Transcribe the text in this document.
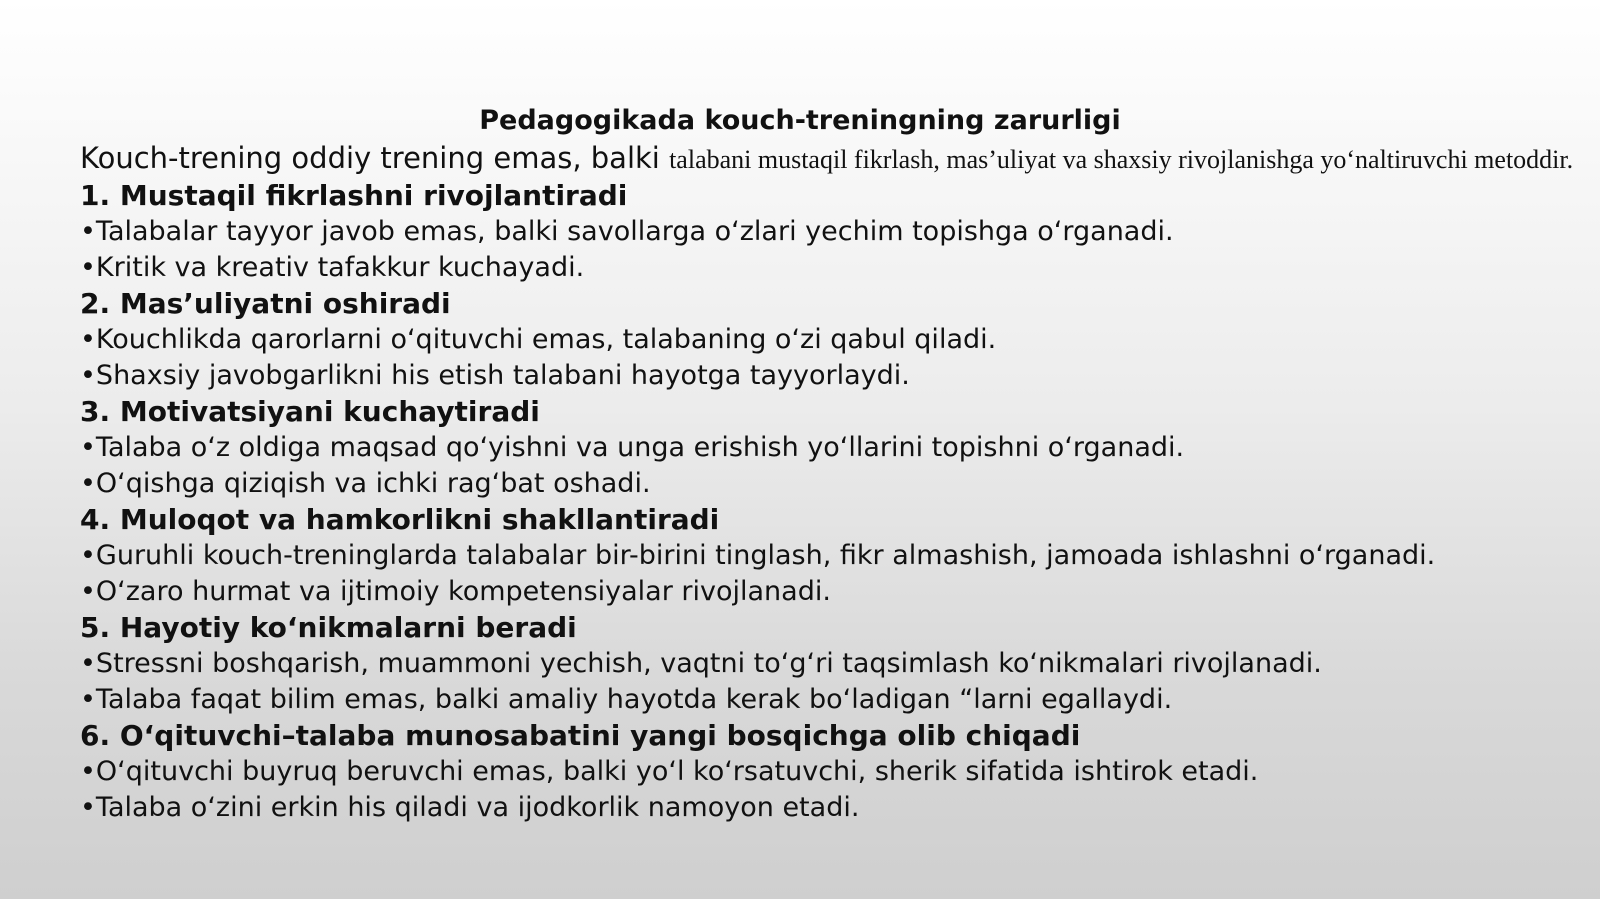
Pedagogikada kouch-treningning zarurligi

Kouch-trening oddiy trening emas, balki talabani mustaqil fikrlash, mas’uliyat va shaxsiy rivojlanishga yo‘naltiruvchi metoddir.

1. Mustaqil fikrlashni rivojlantiradi

•Talabalar tayyor javob emas, balki savollarga o‘zlari yechim topishga o‘rganadi.

•Kritik va kreativ tafakkur kuchayadi.

2. Mas’uliyatni oshiradi

•Kouchlikda qarorlarni o‘qituvchi emas, talabaning o‘zi qabul qiladi.

•Shaxsiy javobgarlikni his etish talabani hayotga tayyorlaydi.

3. Motivatsiyani kuchaytiradi

•Talaba o‘z oldiga maqsad qo‘yishni va unga erishish yo‘llarini topishni o‘rganadi.

•O‘qishga qiziqish va ichki rag‘bat oshadi.

4. Muloqot va hamkorlikni shakllantiradi

•Guruhli kouch-treninglarda talabalar bir-birini tinglash, fikr almashish, jamoada ishlashni o‘rganadi.

•O‘zaro hurmat va ijtimoiy kompetensiyalar rivojlanadi.

5. Hayotiy ko‘nikmalarni beradi

•Stressni boshqarish, muammoni yechish, vaqtni to‘g‘ri taqsimlash ko‘nikmalari rivojlanadi.

•Talaba faqat bilim emas, balki amaliy hayotda kerak bo‘ladigan “larni egallaydi.

6. O‘qituvchi–talaba munosabatini yangi bosqichga olib chiqadi

•O‘qituvchi buyruq beruvchi emas, balki yo‘l ko‘rsatuvchi, sherik sifatida ishtirok etadi.

•Talaba o‘zini erkin his qiladi va ijodkorlik namoyon etadi.
